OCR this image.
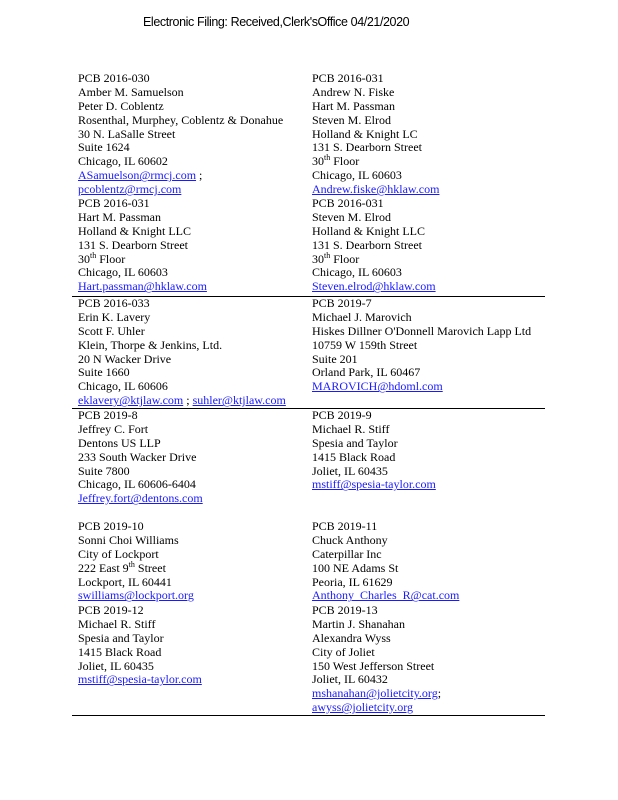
Electronic Filing: Received,Clerk'sOffice 04/21/2020
PCB 2016-030
Amber M. Samuelson
Peter D. Coblentz
Rosenthal, Murphey, Coblentz & Donahue
30 N. LaSalle Street
Suite 1624
Chicago, IL 60602
ASamuelson@rmcj.com ;
pcoblentz@rmcj.com
PCB 2016-031
Andrew N. Fiske
Hart M. Passman
Steven M. Elrod
Holland & Knight LC
131 S. Dearborn Street
30th Floor
Chicago, IL 60603
Andrew.fiske@hklaw.com
PCB 2016-031
Hart M. Passman
Holland & Knight LLC
131 S. Dearborn Street
30th Floor
Chicago, IL 60603
Hart.passman@hklaw.com
PCB 2016-031
Steven M. Elrod
Holland & Knight LLC
131 S. Dearborn Street
30th Floor
Chicago, IL 60603
Steven.elrod@hklaw.com
PCB 2016-033
Erin K. Lavery
Scott F. Uhler
Klein, Thorpe & Jenkins, Ltd.
20 N Wacker Drive
Suite 1660
Chicago, IL 60606
eklavery@ktjlaw.com ; suhler@ktjlaw.com
PCB 2019-7
Michael J. Marovich
Hiskes Dillner O'Donnell Marovich Lapp Ltd
10759 W 159th Street
Suite 201
Orland Park, IL 60467
MAROVICH@hdoml.com
PCB 2019-8
Jeffrey C. Fort
Dentons US LLP
233 South Wacker Drive
Suite 7800
Chicago, IL 60606-6404
Jeffrey.fort@dentons.com
PCB 2019-9
Michael R. Stiff
Spesia and Taylor
1415 Black Road
Joliet, IL 60435
mstiff@spesia-taylor.com
PCB 2019-10
Sonni Choi Williams
City of Lockport
222 East 9th Street
Lockport, IL 60441
swilliams@lockport.org
PCB 2019-11
Chuck Anthony
Caterpillar Inc
100 NE Adams St
Peoria, IL 61629
Anthony_Charles_R@cat.com
PCB 2019-12
Michael R. Stiff
Spesia and Taylor
1415 Black Road
Joliet, IL 60435
mstiff@spesia-taylor.com
PCB 2019-13
Martin J. Shanahan
Alexandra Wyss
City of Joliet
150 West Jefferson Street
Joliet, IL 60432
mshanahan@jolietcity.org;
awyss@jolietcity.org
